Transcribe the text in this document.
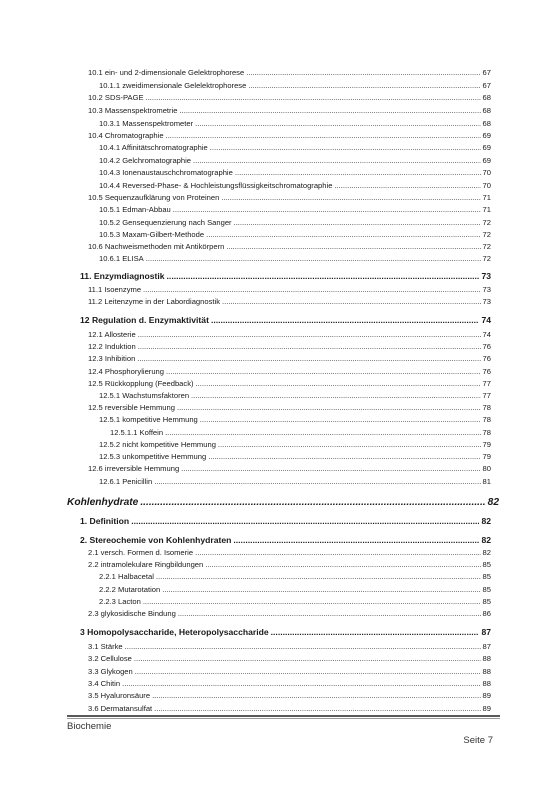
10.1 ein- und 2-dimensionale Gelektrophorese .....	67
10.1.1 zweidimensionale Gelelektrophorese .....	67
10.2 SDS-PAGE .....	68
10.3 Massenspektrometrie .....	68
10.3.1 Massenspektrometer .....	68
10.4 Chromatographie .....	69
10.4.1 Affinitätschromatographie .....	69
10.4.2 Gelchromatographie .....	69
10.4.3 Ionenaustauschchromatographie .....	70
10.4.4 Reversed-Phase- & Hochleistungsflüssigkeitschromatographie .....	70
10.5 Sequenzaufklärung von Proteinen .....	71
10.5.1 Edman-Abbau .....	71
10.5.2 Gensequenzierung nach Sanger .....	72
10.5.3 Maxam-Gilbert-Methode .....	72
10.6 Nachweismethoden mit Antikörpern .....	72
10.6.1 ELISA .....	72
11. Enzymdiagnostik .....	73
11.1 Isoenzyme .....	73
11.2 Leitenzyme in der Labordiagnostik .....	73
12 Regulation d. Enzymaktivität .....	74
12.1 Allosterie .....	74
12.2 Induktion .....	76
12.3 Inhibition .....	76
12.4 Phosphorylierung .....	76
12.5 Rückkopplung (Feedback) .....	77
12.5.1 Wachstumsfaktoren .....	77
12.5 reversible Hemmung .....	78
12.5.1 kompetitive Hemmung .....	78
12.5.1.1 Koffein .....	78
12.5.2 nicht kompetitive Hemmung .....	79
12.5.3 unkompetitive Hemmung .....	79
12.6 irreversible Hemmung .....	80
12.6.1 Penicillin .....	81
Kohlenhydrate .....	82
1. Definition .....	82
2. Stereochemie von Kohlenhydraten .....	82
2.1 versch. Formen d. Isomerie .....	82
2.2 intramolekulare Ringbildungen .....	85
2.2.1 Halbacetal .....	85
2.2.2 Mutarotation .....	85
2.2.3 Lacton .....	85
2.3 glykosidische Bindung .....	86
3 Homopolysaccharide, Heteropolysaccharide .....	87
3.1 Stärke .....	87
3.2 Cellulose .....	88
3.3 Glykogen .....	88
3.4 Chitin .....	88
3.5 Hyaluronsäure .....	89
3.6 Dermatansulfat .....	89
Biochemie
Seite 7
